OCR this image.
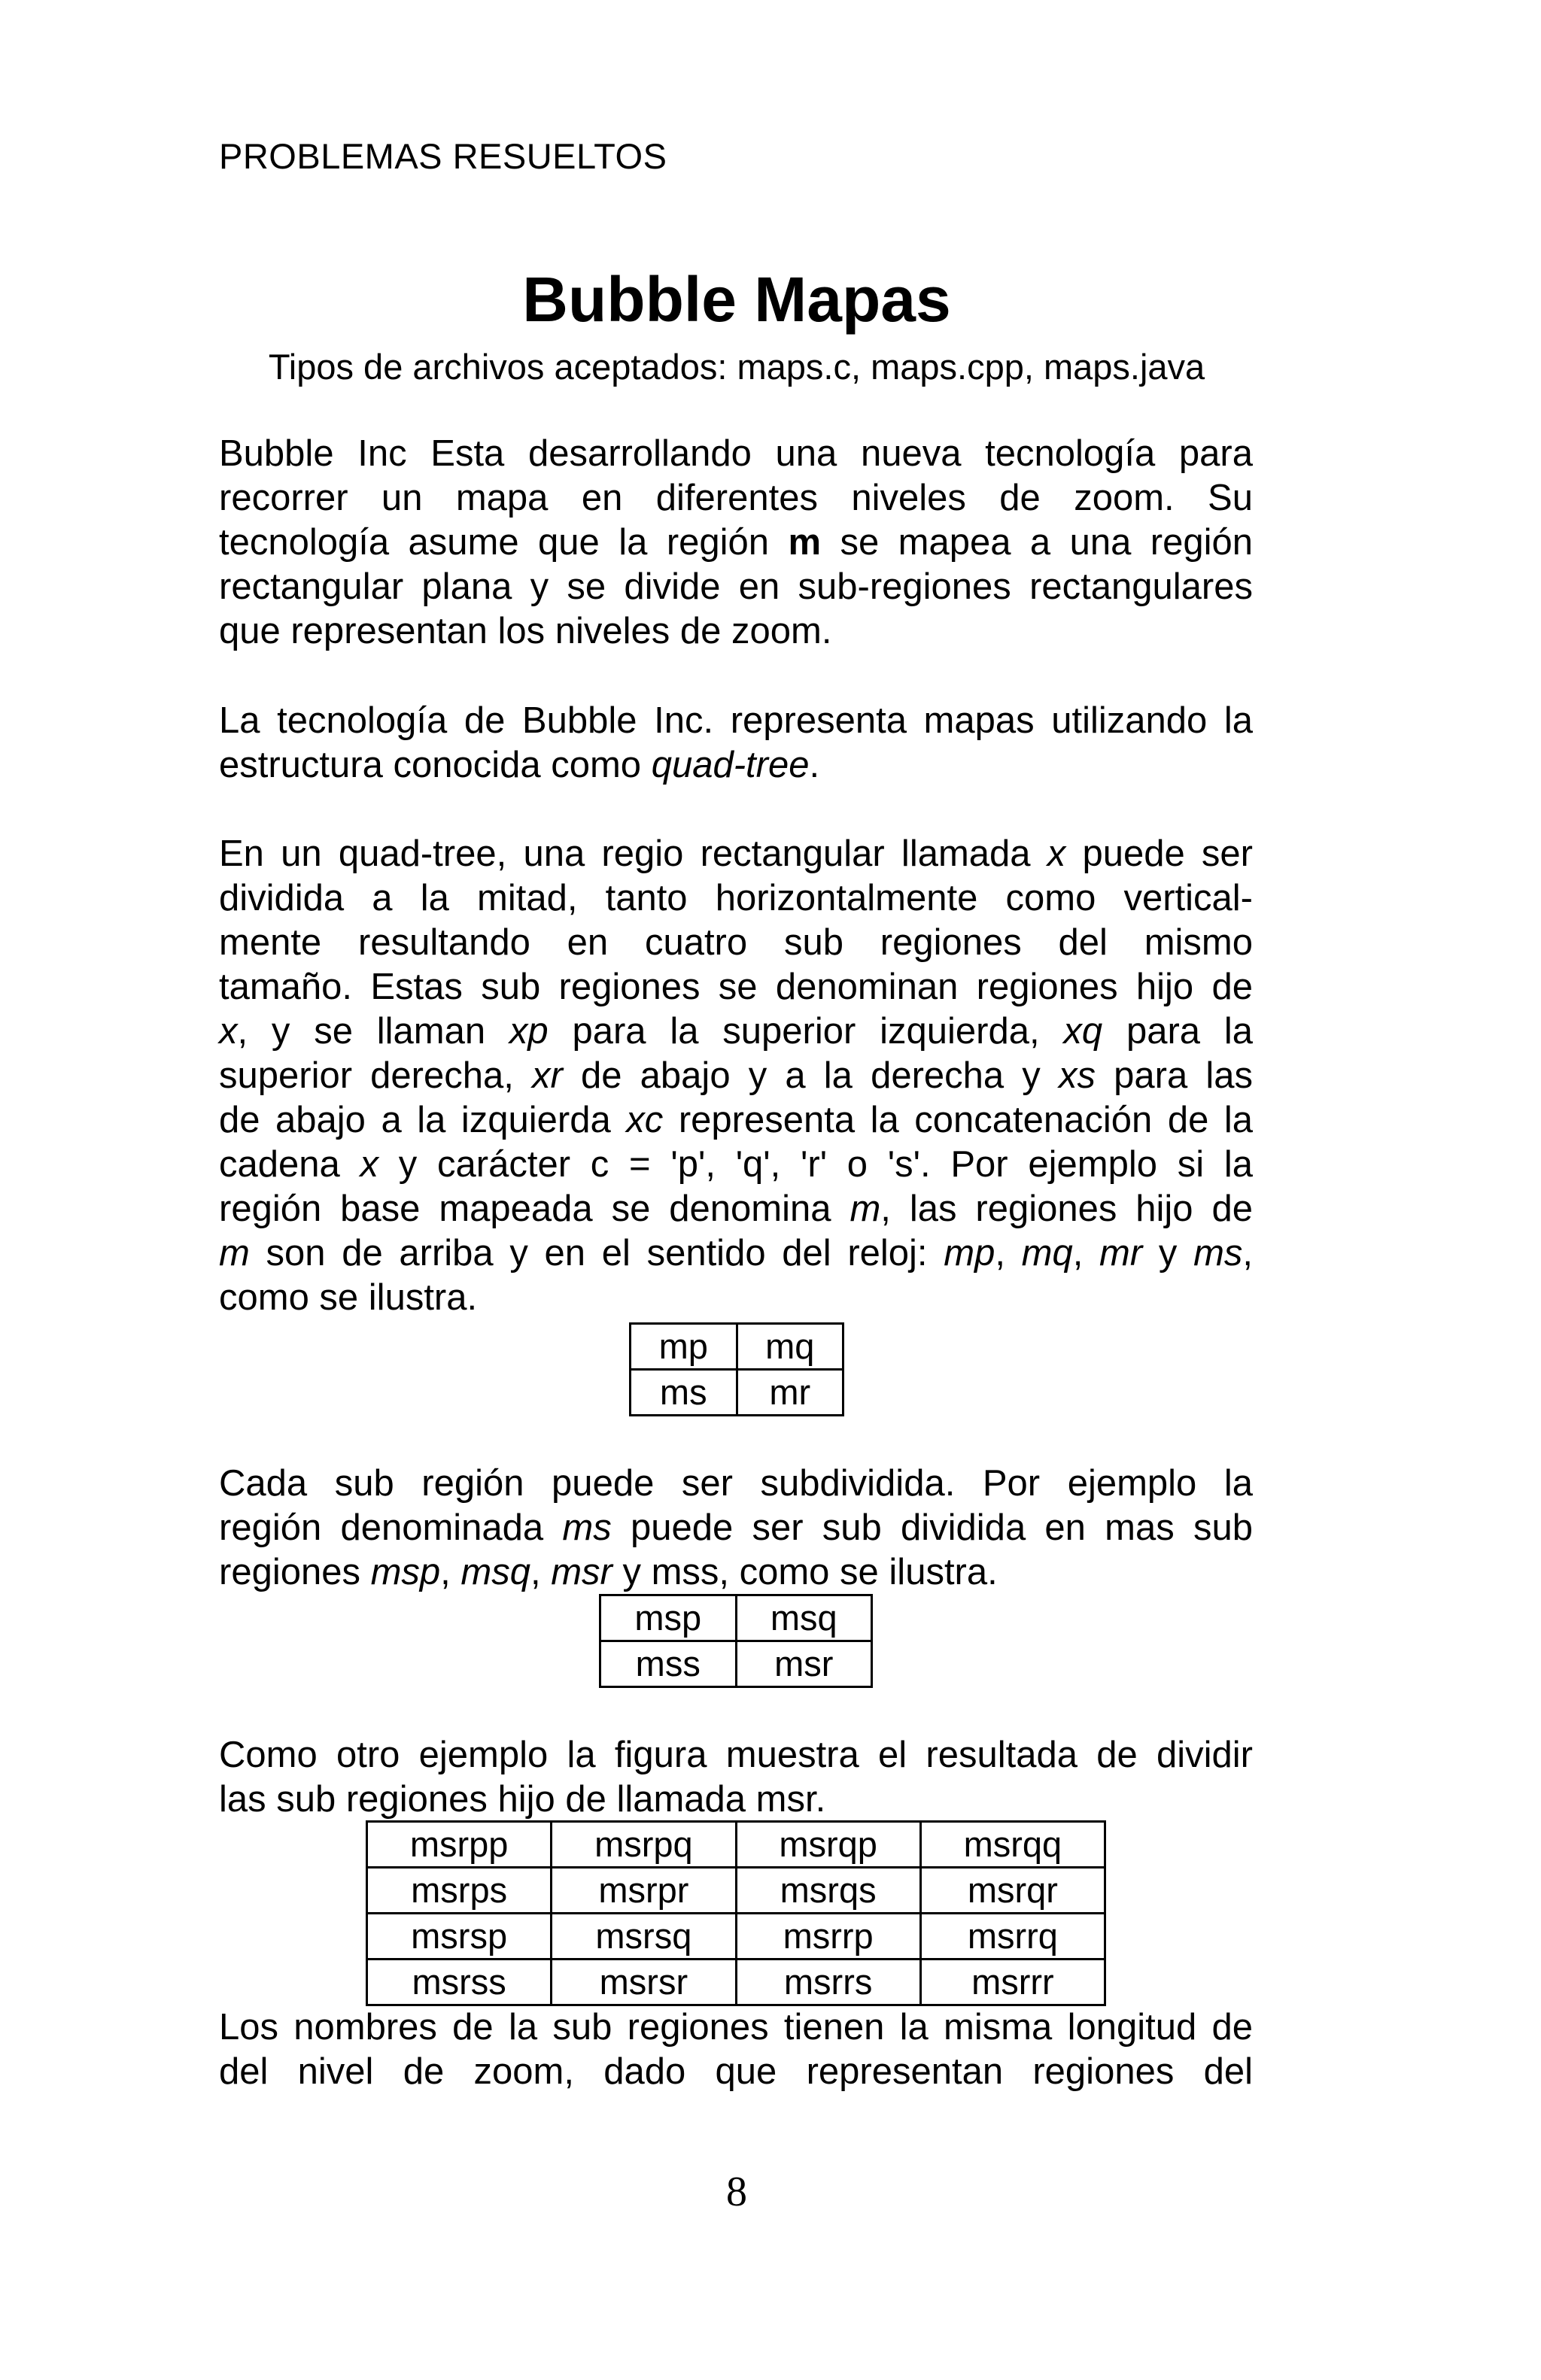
PROBLEMAS RESUELTOS
Bubble Mapas
Tipos de archivos aceptados: maps.c, maps.cpp, maps.java
Bubble Inc Esta desarrollando una nueva tecnología para
recorrer un mapa en diferentes niveles de zoom. Su
tecnología asume que la región m se mapea a una región
rectangular plana y se divide en sub-regiones rectangulares
que representan los niveles de zoom.
La tecnología de Bubble Inc. representa mapas utilizando la
estructura conocida como quad-tree.
En un quad-tree, una regio rectangular llamada x puede ser
dividida a la mitad, tanto horizontalmente como vertical-
mente resultando en cuatro sub regiones del mismo
tamaño. Estas sub regiones se denominan regiones hijo de
x, y se llaman xp para la superior izquierda, xq para la
superior derecha, xr de abajo y a la derecha y xs para las
de abajo a la izquierda xc representa la concatenación de la
cadena x y carácter c = 'p', 'q', 'r' o 's'. Por ejemplo si la
región base mapeada se denomina m, las regiones hijo de
m son de arriba y en el sentido del reloj: mp, mq, mr y ms,
como se ilustra.
mp	mq
ms	mr
Cada sub región puede ser subdividida. Por ejemplo la
región denominada ms puede ser sub dividida en mas sub
regiones msp, msq, msr y mss, como se ilustra.
msp	msq
mss	msr
Como otro ejemplo la figura muestra el resultada de dividir
las sub regiones hijo de llamada msr.
msrpp	msrpq	msrqp	msrqq
msrps	msrpr	msrqs	msrqr
msrsp	msrsq	msrrp	msrrq
msrss	msrsr	msrrs	msrrr
Los nombres de la sub regiones tienen la misma longitud de
del nivel de zoom, dado que representan regiones del
8
